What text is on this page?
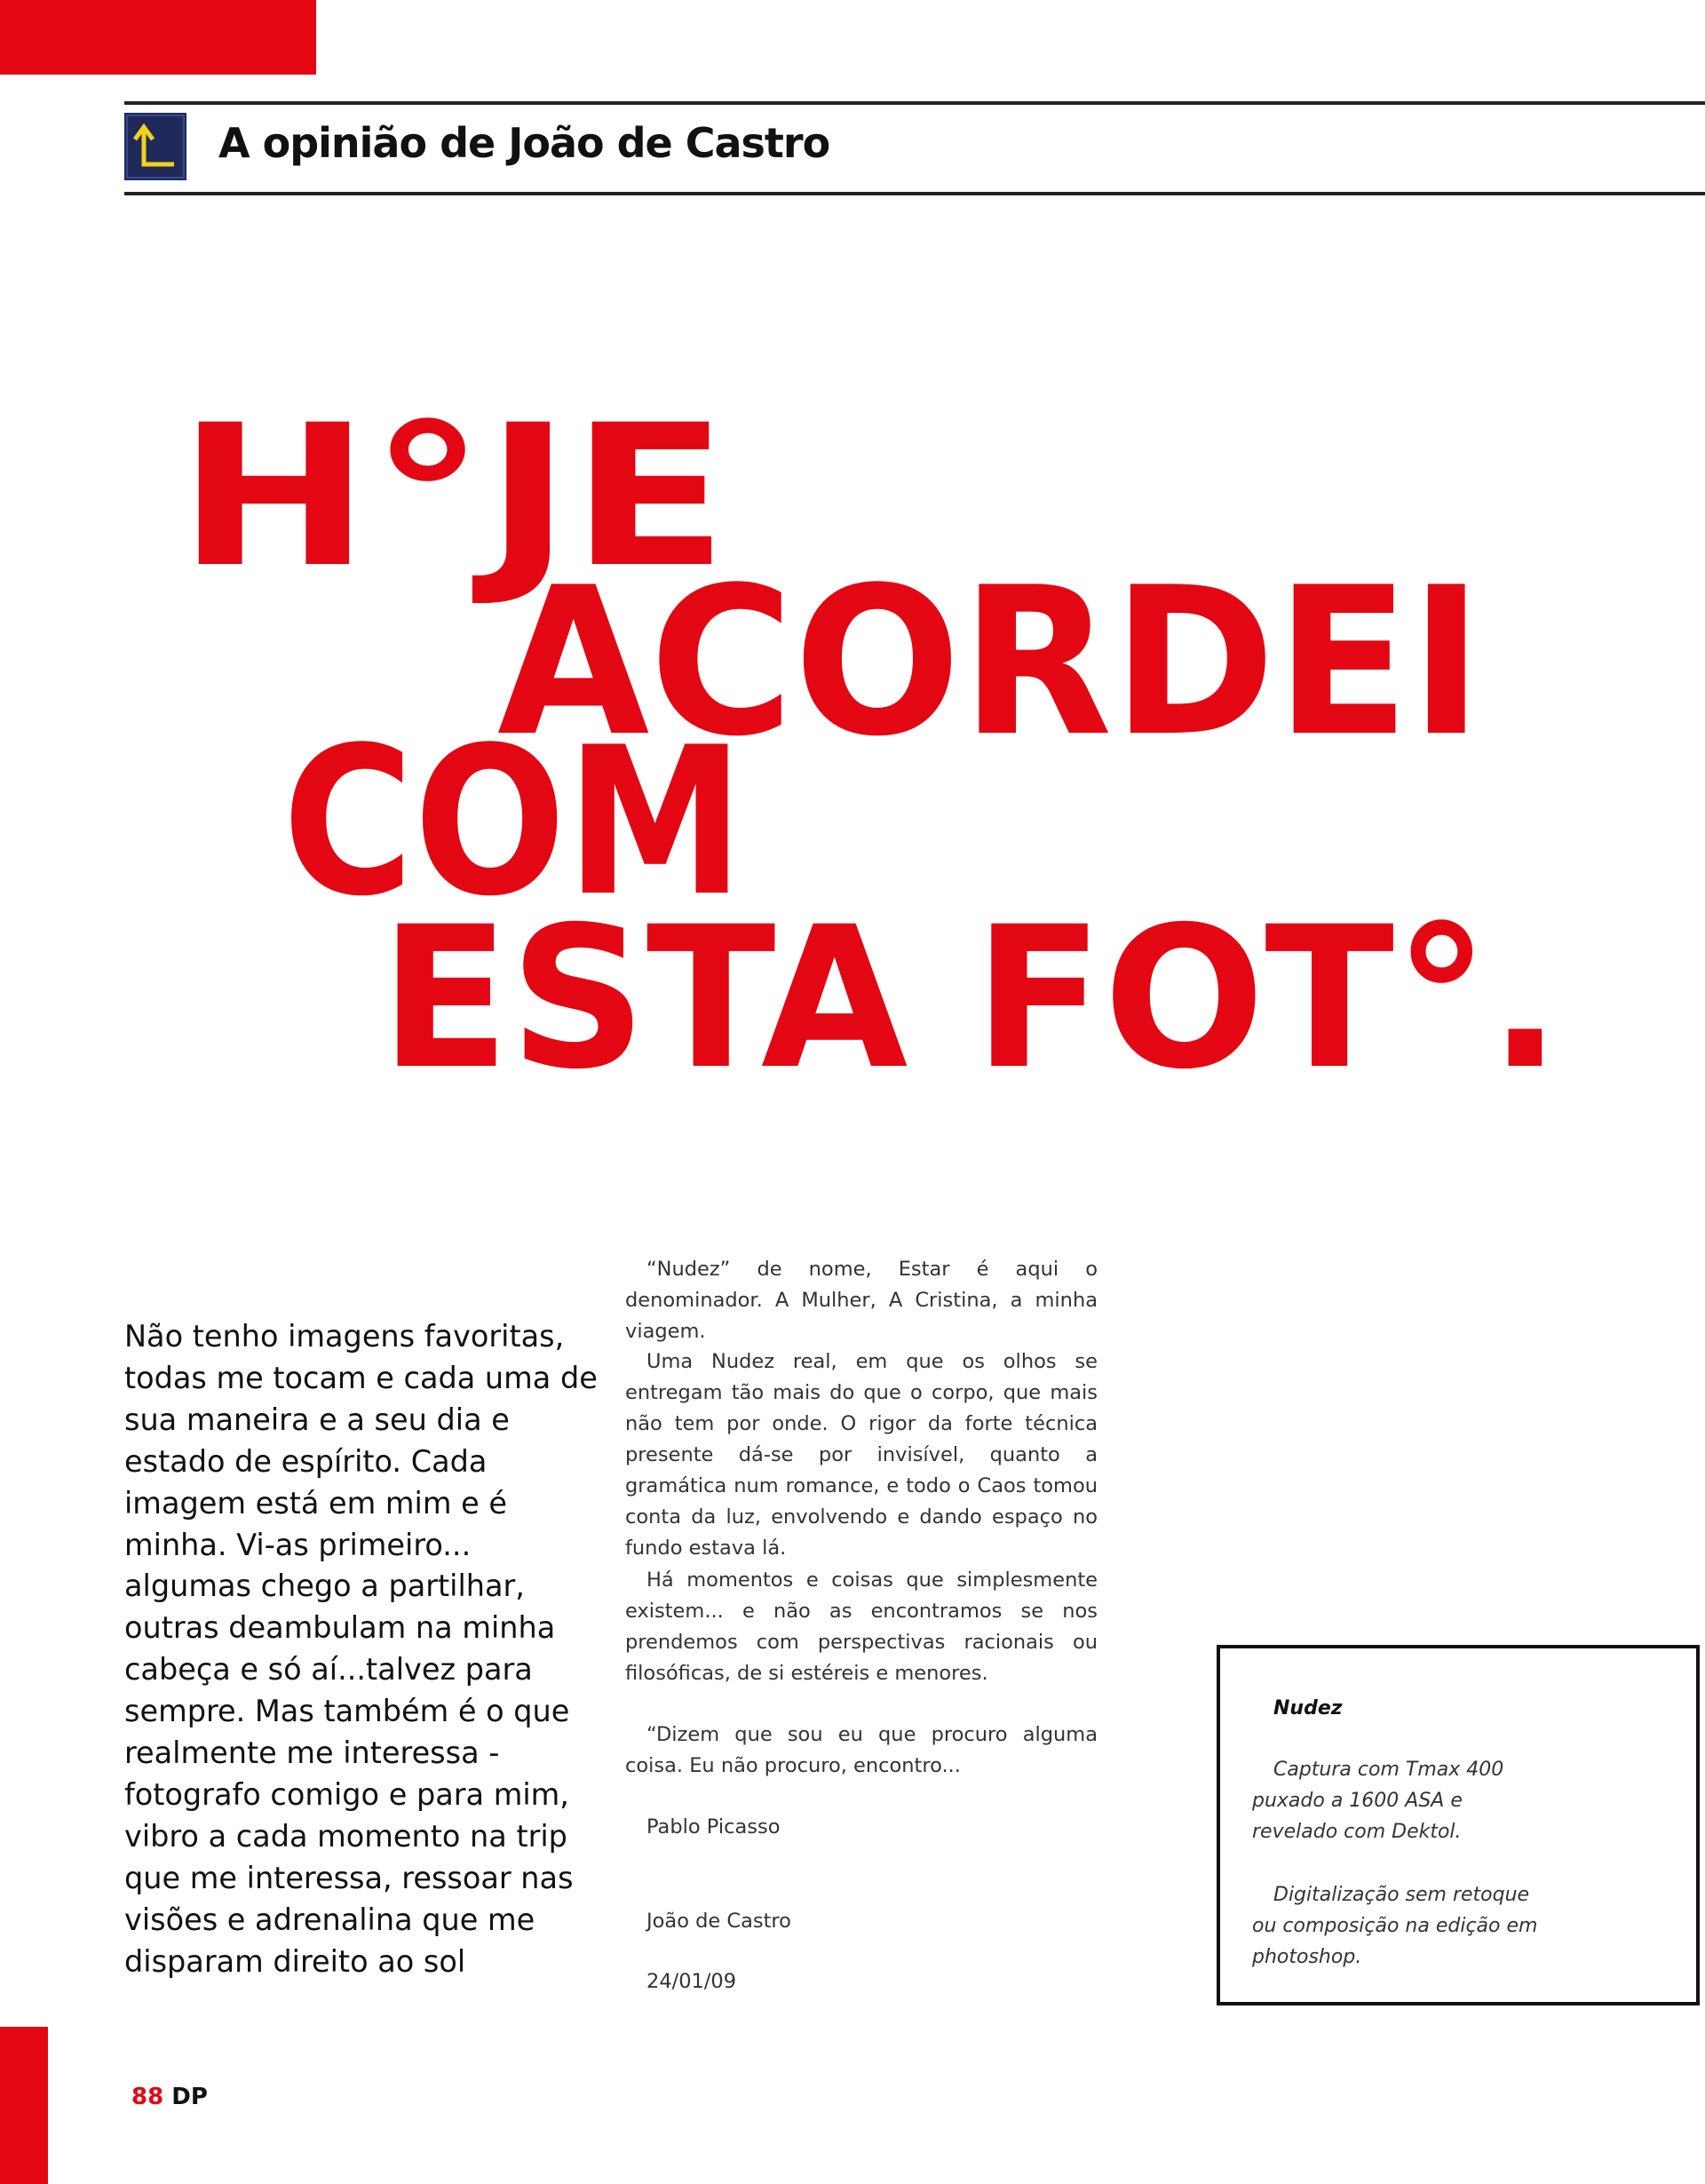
A opinião de João de Castro
H°JE
ACORDEI
COM
ESTA FOT°.

Não tenho imagens favoritas, todas me tocam e cada uma de sua maneira e a seu dia e estado de espírito. Cada imagem está em mim e é minha. Vi-as primeiro... algumas chego a partilhar, outras deambulam na minha cabeça e só aí...talvez para sempre. Mas também é o que realmente me interessa - fotografo comigo e para mim, vibro a cada momento na trip que me interessa, ressoar nas visões e adrenalina que me disparam direito ao sol

“Nudez” de nome, Estar é aqui o denominador. A Mulher, A Cristina, a minha viagem.

Uma Nudez real, em que os olhos se entregam tão mais do que o corpo, que mais não tem por onde. O rigor da forte técnica presente dá-se por invisível, quanto a gramática num romance, e todo o Caos tomou conta da luz, envolvendo e dando espaço no fundo estava lá.

Há momentos e coisas que simplesmente existem... e não as encontramos se nos prendemos com perspectivas racionais ou filosóficas, de si estéreis e menores.

“Dizem que sou eu que procuro alguma coisa. Eu não procuro, encontro...

Pablo Picasso

João de Castro

24/01/09

Nudez

Captura com Tmax 400 puxado a 1600 ASA e revelado com Dektol.

Digitalização sem retoque ou composição na edição em photoshop.

88 DP
